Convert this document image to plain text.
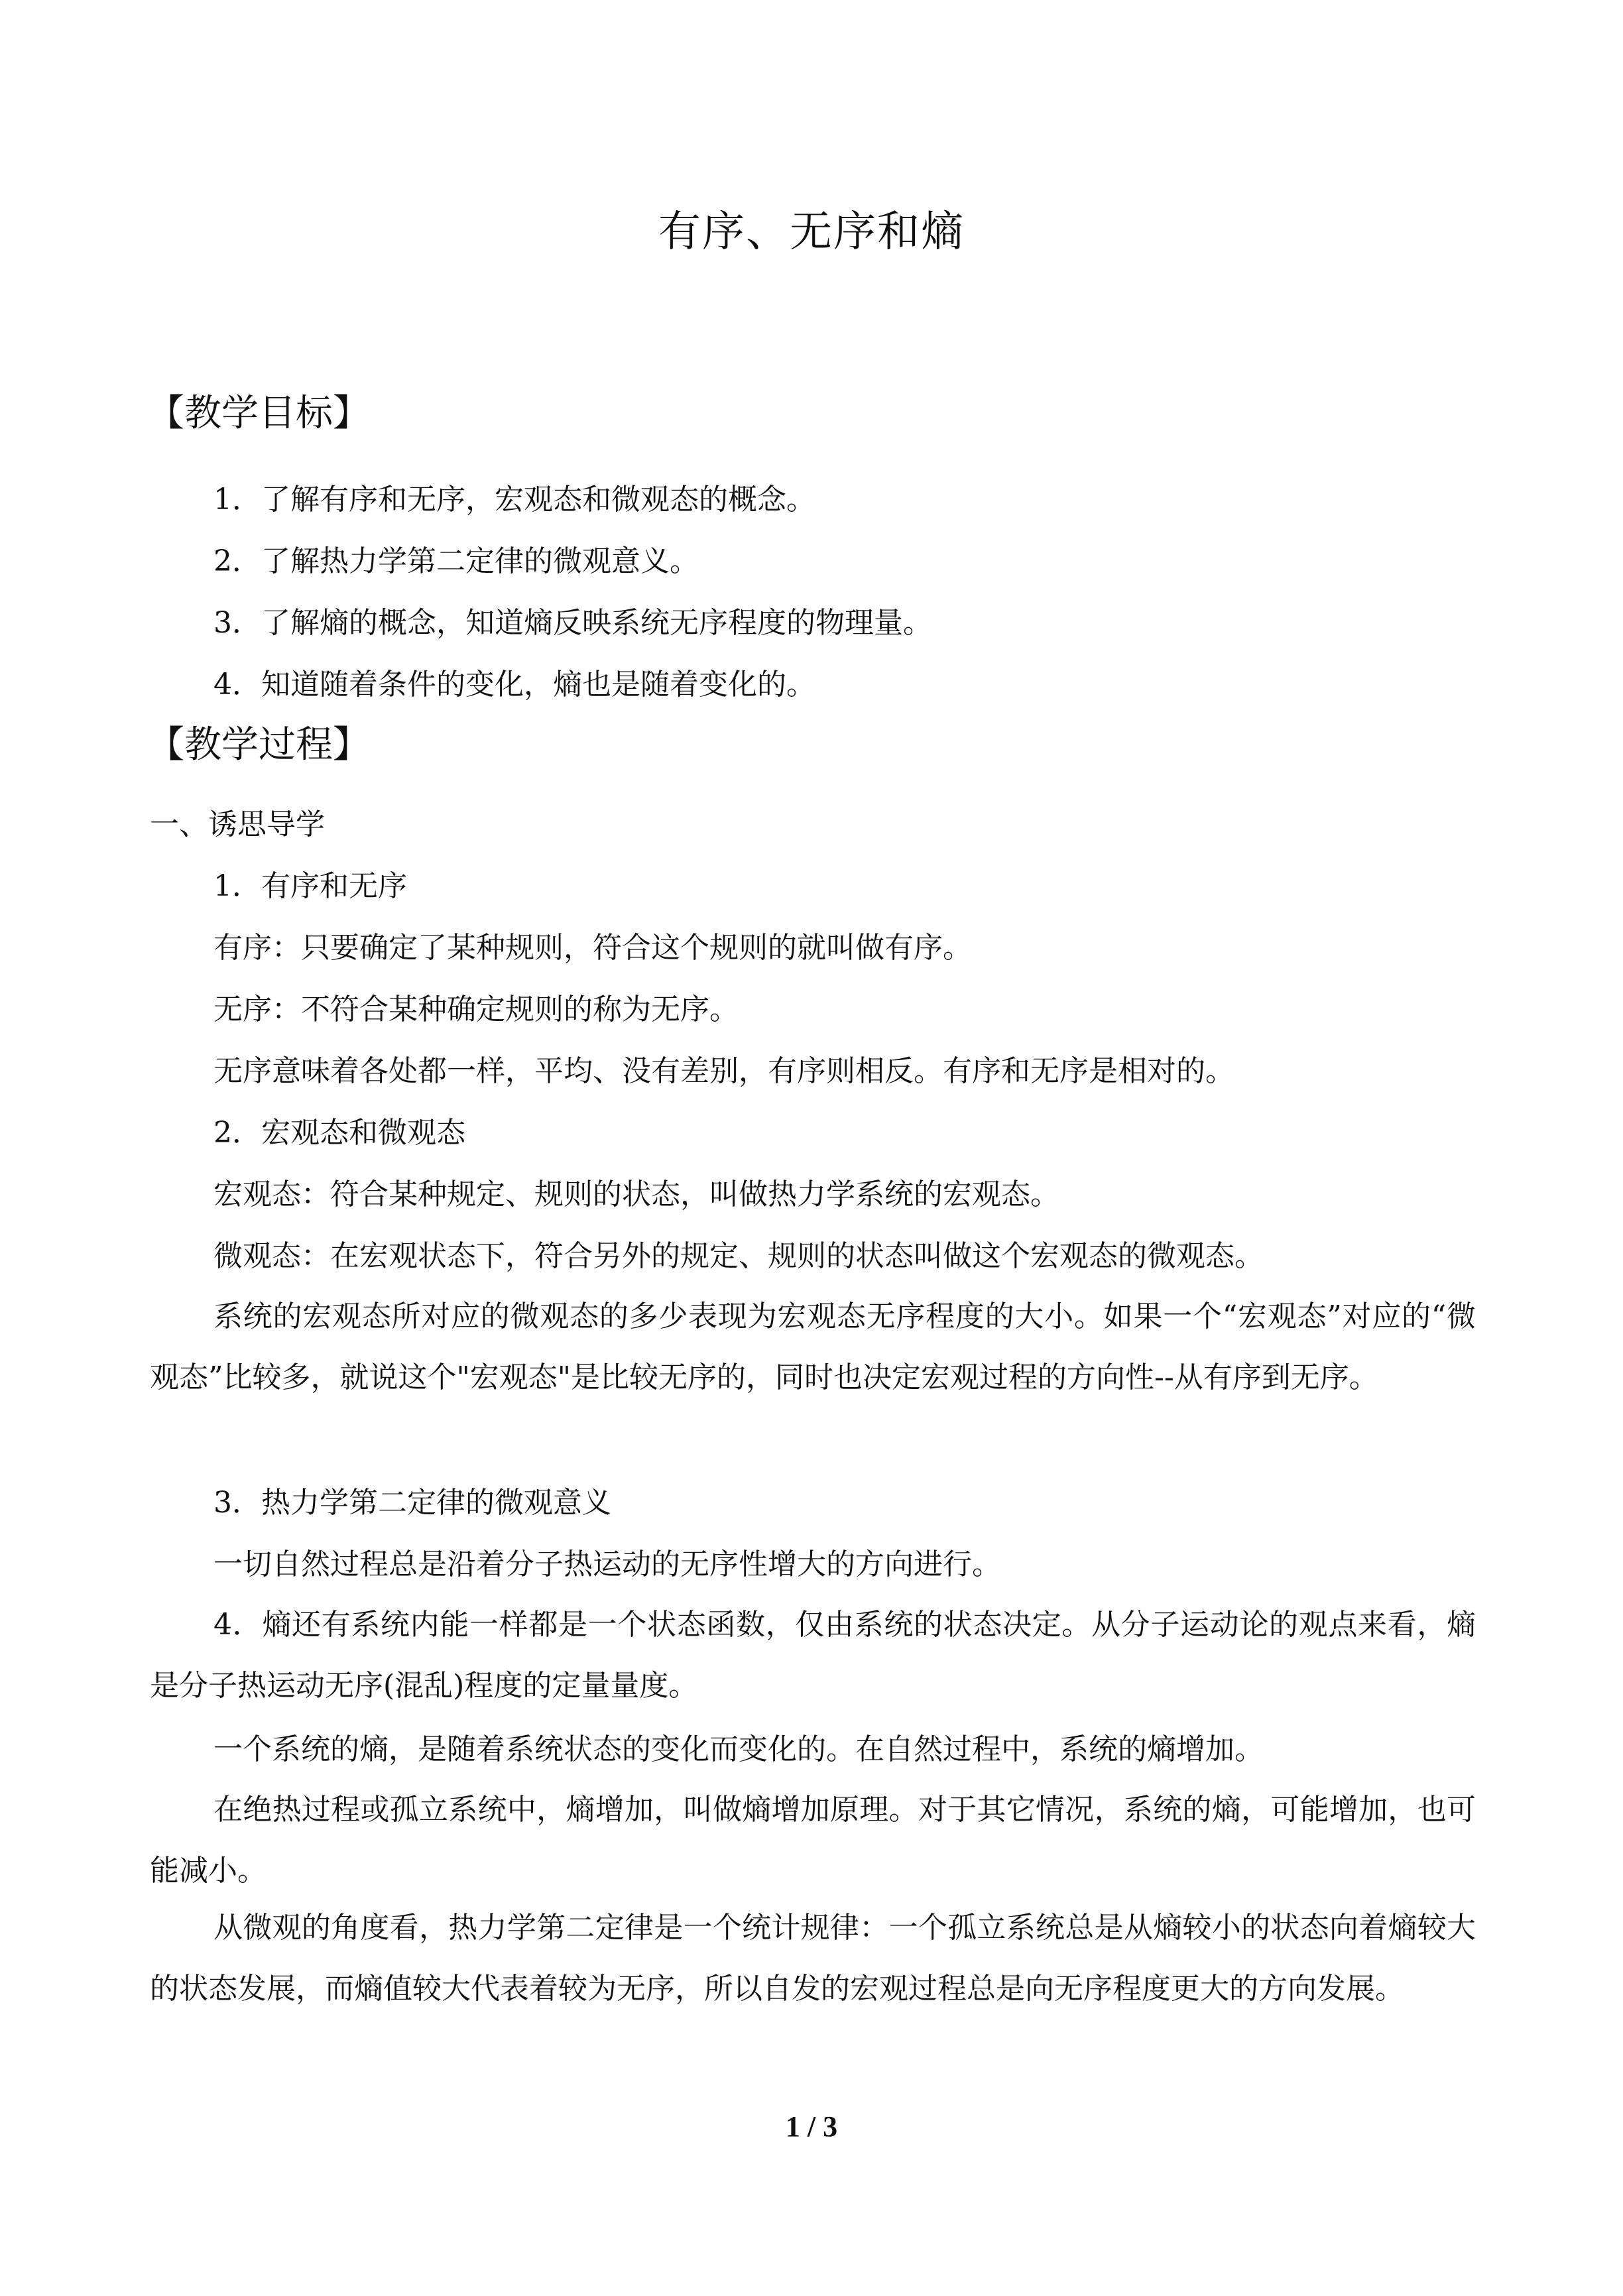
有序、无序和熵
【教学目标】
1．了解有序和无序，宏观态和微观态的概念。
2．了解热力学第二定律的微观意义。
3．了解熵的概念，知道熵反映系统无序程度的物理量。
4．知道随着条件的变化，熵也是随着变化的。
【教学过程】
一、诱思导学
1．有序和无序
有序：只要确定了某种规则，符合这个规则的就叫做有序。
无序：不符合某种确定规则的称为无序。
无序意味着各处都一样，平均、没有差别，有序则相反。有序和无序是相对的。
2．宏观态和微观态
宏观态：符合某种规定、规则的状态，叫做热力学系统的宏观态。
微观态：在宏观状态下，符合另外的规定、规则的状态叫做这个宏观态的微观态。
系统的宏观态所对应的微观态的多少表现为宏观态无序程度的大小。如果一个“宏观态”对应的“微观态”比较多，就说这个"宏观态"是比较无序的，同时也决定宏观过程的方向性--从有序到无序。
3．热力学第二定律的微观意义
一切自然过程总是沿着分子热运动的无序性增大的方向进行。
4．熵还有系统内能一样都是一个状态函数，仅由系统的状态决定。从分子运动论的观点来看，熵是分子热运动无序(混乱)程度的定量量度。
一个系统的熵，是随着系统状态的变化而变化的。在自然过程中，系统的熵增加。
在绝热过程或孤立系统中，熵增加，叫做熵增加原理。对于其它情况，系统的熵，可能增加，也可能减小。
从微观的角度看，热力学第二定律是一个统计规律：一个孤立系统总是从熵较小的状态向着熵较大的状态发展，而熵值较大代表着较为无序，所以自发的宏观过程总是向无序程度更大的方向发展。
1 / 3
